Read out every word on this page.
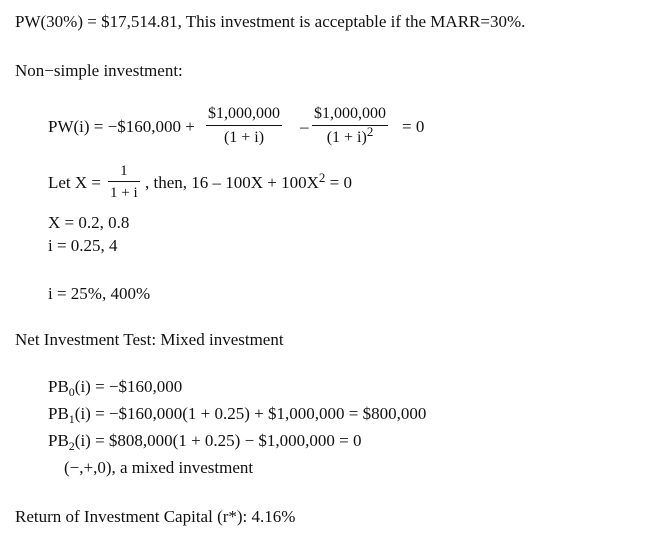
PW(30%) = $17,514.81, This investment is acceptable if the MARR=30%.
Non−simple investment:
PW(i) = −$160,000 +
$1,000,000
(1 + i)
–
$1,000,000
$(1 + i)^2 = 0$
Let X =
1
1 + i
, then, $16 - 100X + 100X^2 = 0$
X = 0.2, 0.8
i = 0.25, 4
i = 25%, 400%
Net Investment Test: Mixed investment
$PB_0(i)$ = −$160,000
$PB_1(i)$ = −$160,000(1 + 0.25) + $1,000,000 = $800,000
$PB_2(i)$ = $808,000(1 + 0.25) − $1,000,000 = 0
(−,+,0), a mixed investment
Return of Investment Capital (r*): 4.16%
